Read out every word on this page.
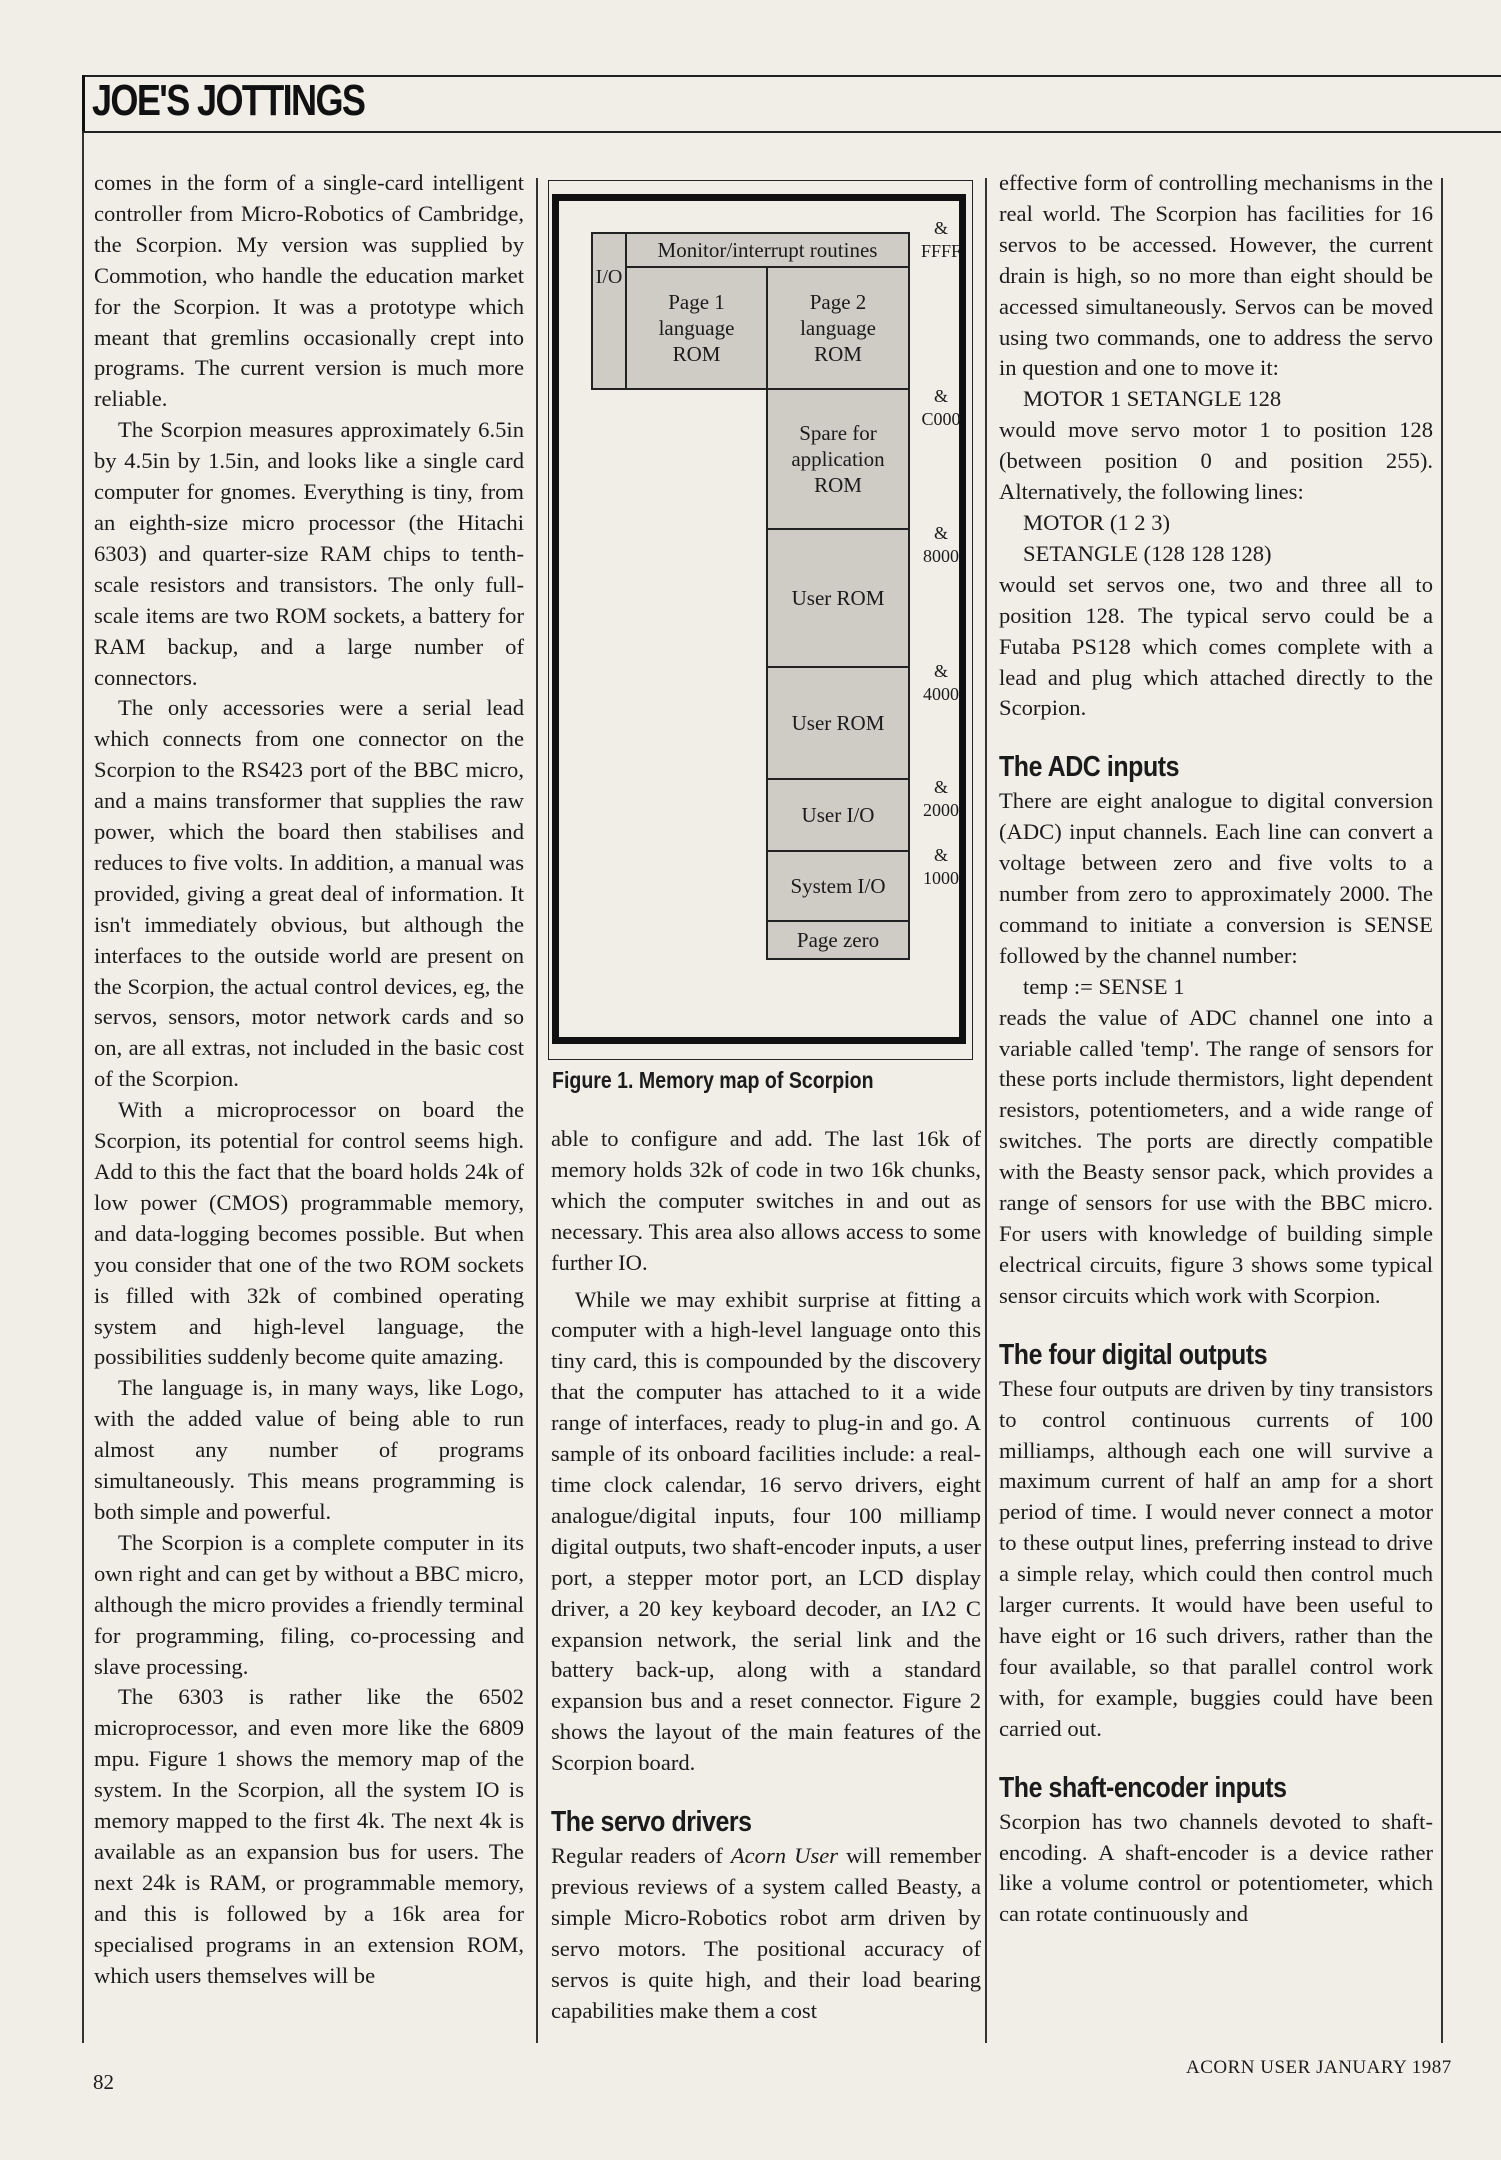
JOE'S JOTTINGS

comes in the form of a single-card intelligent controller from Micro-Robotics of Cambridge, the Scorpion. My version was supplied by Commotion, who handle the education market for the Scorpion. It was a prototype which meant that gremlins occasionally crept into programs. The current version is much more reliable.

The Scorpion measures approximately 6.5in by 4.5in by 1.5in, and looks like a single card computer for gnomes. Everything is tiny, from an eighth-size micro processor (the Hitachi 6303) and quarter-size RAM chips to tenth-scale resistors and transistors. The only full-scale items are two ROM sockets, a battery for RAM backup, and a large number of connectors.

The only accessories were a serial lead which connects from one connector on the Scorpion to the RS423 port of the BBC micro, and a mains transformer that supplies the raw power, which the board then stabilises and reduces to five volts. In addition, a manual was provided, giving a great deal of information. It isn't immediately obvious, but although the interfaces to the outside world are present on the Scorpion, the actual control devices, eg, the servos, sensors, motor network cards and so on, are all extras, not included in the basic cost of the Scorpion.

With a microprocessor on board the Scorpion, its potential for control seems high. Add to this the fact that the board holds 24k of low power (CMOS) programmable memory, and data-logging becomes possible. But when you consider that one of the two ROM sockets is filled with 32k of combined operating system and high-level language, the possibilities suddenly become quite amazing.

The language is, in many ways, like Logo, with the added value of being able to run almost any number of programs simultaneously. This means programming is both simple and powerful.

The Scorpion is a complete computer in its own right and can get by without a BBC micro, although the micro provides a friendly terminal for programming, filing, co-processing and slave processing.

The 6303 is rather like the 6502 microprocessor, and even more like the 6809 mpu. Figure 1 shows the memory map of the system. In the Scorpion, all the system IO is memory mapped to the first 4k. The next 4k is available as an expansion bus for users. The next 24k is RAM, or programmable memory, and this is followed by a 16k area for specialised programs in an extension ROM, which users themselves will be

I/O
Monitor/interrupt routines
Page 1 language ROM
Page 2 language ROM
Spare for application ROM
User ROM
User ROM
User I/O
System I/O
Page zero
& FFFF
& C000
& 8000
& 4000
& 2000
& 1000
Figure 1. Memory map of Scorpion

able to configure and add. The last 16k of memory holds 32k of code in two 16k chunks, which the computer switches in and out as necessary. This area also allows access to some further IO.

While we may exhibit surprise at fitting a computer with a high-level language onto this tiny card, this is compounded by the discovery that the computer has attached to it a wide range of interfaces, ready to plug-in and go. A sample of its onboard facilities include: a real-time clock calendar, 16 servo drivers, eight analogue/digital inputs, four 100 milliamp digital outputs, two shaft-encoder inputs, a user port, a stepper motor port, an LCD display driver, a 20 key keyboard decoder, an IΛ2 C expansion network, the serial link and the battery back-up, along with a standard expansion bus and a reset connector. Figure 2 shows the layout of the main features of the Scorpion board.

The servo drivers

Regular readers of Acorn User will remember previous reviews of a system called Beasty, a simple Micro-Robotics robot arm driven by servo motors. The positional accuracy of servos is quite high, and their load bearing capabilities make them a cost

effective form of controlling mechanisms in the real world. The Scorpion has facilities for 16 servos to be accessed. However, the current drain is high, so no more than eight should be accessed simultaneously. Servos can be moved using two commands, one to address the servo in question and one to move it:

MOTOR 1 SETANGLE 128

would move servo motor 1 to position 128 (between position 0 and position 255). Alternatively, the following lines:

MOTOR (1 2 3)

SETANGLE (128 128 128)

would set servos one, two and three all to position 128. The typical servo could be a Futaba PS128 which comes complete with a lead and plug which attached directly to the Scorpion.

The ADC inputs

There are eight analogue to digital conversion (ADC) input channels. Each line can convert a voltage between zero and five volts to a number from zero to approximately 2000. The command to initiate a conversion is SENSE followed by the channel number:

temp := SENSE 1

reads the value of ADC channel one into a variable called 'temp'. The range of sensors for these ports include thermistors, light dependent resistors, potentiometers, and a wide range of switches. The ports are directly compatible with the Beasty sensor pack, which provides a range of sensors for use with the BBC micro. For users with knowledge of building simple electrical circuits, figure 3 shows some typical sensor circuits which work with Scorpion.

The four digital outputs

These four outputs are driven by tiny transistors to control continuous currents of 100 milliamps, although each one will survive a maximum current of half an amp for a short period of time. I would never connect a motor to these output lines, preferring instead to drive a simple relay, which could then control much larger currents. It would have been useful to have eight or 16 such drivers, rather than the four available, so that parallel control work with, for example, buggies could have been carried out.

The shaft-encoder inputs

Scorpion has two channels devoted to shaft-encoding. A shaft-encoder is a device rather like a volume control or potentiometer, which can rotate continuously and

82
ACORN USER JANUARY 1987
